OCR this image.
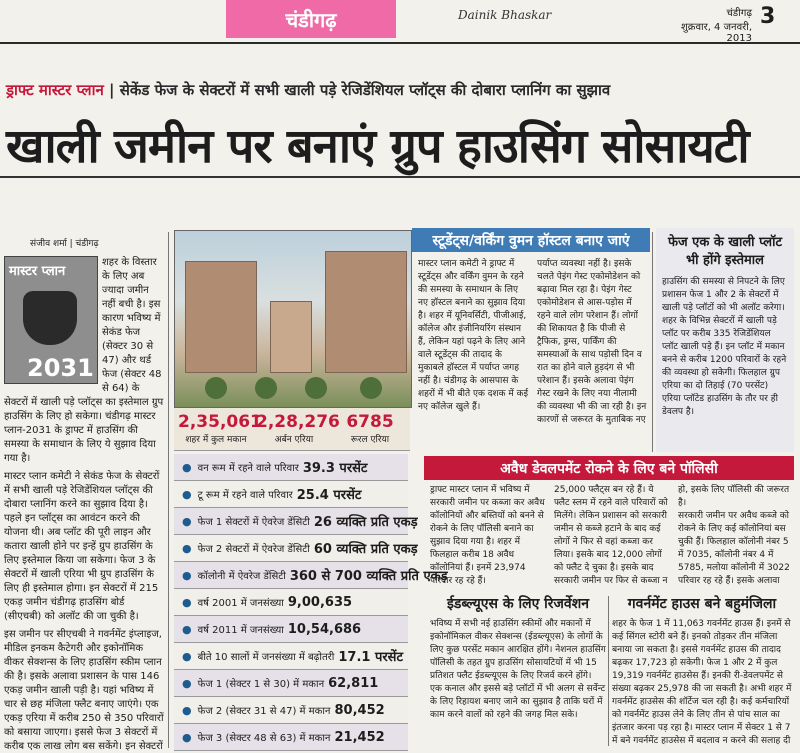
चंडीगढ़	Dainik Bhaskar	चंडीगढ़
शुक्रवार, 4 जनवरी, 2013
3
ड्राफ्ट मास्टर प्लान | सेकेंड फेज के सेक्टरों में सभी खाली पड़े रेजिडेंशियल प्लॉट्स की दोबारा प्लानिंग का सुझाव
खाली जमीन पर बनाएं ग्रुप हाउसिंग सोसायटी
संजीव शर्मा | चंडीगढ़
मास्टर प्लान
2031

शहर के विस्तार के लिए अब ज्यादा जमीन नहीं बची है। इस कारण भविष्य में सेकंड फेज (सेक्टर 30 से 47) और थर्ड फेज (सेक्टर 48 से 64) के सेक्टरों में खाली पड़े प्लॉट्स का इस्तेमाल ग्रुप हाउसिंग के लिए हो सकेगा। चंडीगढ़ मास्टर प्लान-2031 के ड्राफ्ट में हाउसिंग की समस्या के समाधान के लिए ये सुझाव दिया गया है।

मास्टर प्लान कमेटी ने सेकंड फेज के सेक्टरों में सभी खाली पड़े रेजिडेंशियल प्लॉट्स की दोबारा प्लानिंग करने का सुझाव दिया है। पहले इन प्लॉट्स का आवंटन करने की योजना थी। अब प्लॉट की पूरी लाइन और कतारा खाली होने पर इन्हें ग्रुप हाउसिंग के लिए इस्तेमाल किया जा सकेगा। फेज 3 के सेक्टरों में खाली एरिया भी ग्रुप हाउसिंग के लिए ही इस्तेमाल होगा। इन सेक्टरों में 215 एकड़ जमीन चंडीगढ़ हाउसिंग बोर्ड (सीएचबी) को अलॉट की जा चुकी है।

इस जमीन पर सीएचबी ने गवर्नमेंट इंप्लाइज, मीडिल इनकम कैटेगरी और इकोनॉमिक वीकर सेक्शन्स के लिए हाउसिंग स्कीम प्लान की है। इसके अलावा प्रशासन के पास 146 एकड़ जमीन खाली पड़ी है। यहां भविष्य में चार से छह मंजिला फ्लैट बनाए जाएंगे। एक एकड़ एरिया में करीब 250 से 350 परिवारों को बसाया जाएगा। इससे फेज 3 सेक्टरों में करीब एक लाख लोग बस सकेंगे। इन सेक्टरों

2,35,061
शहर में कुल मकान
2,28,276
अर्बन एरिया
6785
रूरल एरिया
● वन रूम में रहने वाले परिवार 39.3 परसेंट
● टू रूम में रहने वाले परिवार 25.4 परसेंट
● फेज 1 सेक्टरों में ऐवरेज डेंसिटी 26 व्यक्ति प्रति एकड़
● फेज 2 सेक्टरों में ऐवरेज डेंसिटी 60 व्यक्ति प्रति एकड़
● कॉलोनी में ऐवरेज डेंसिटी 360 से 700 व्यक्ति प्रति एकड़
● वर्ष 2001 में जनसंख्या 9,00,635
● वर्ष 2011 में जनसंख्या 10,54,686
● बीते 10 सालों में जनसंख्या में बढ़ोतरी 17.1 परसेंट
● फेज 1 (सेक्टर 1 से 30) में मकान 62,811
● फेज 2 (सेक्टर 31 से 47) में मकान 80,452
● फेज 3 (सेक्टर 48 से 63) में मकान 21,452
स्टूडेंट्स/वर्किंग वुमन हॉस्टल बनाए जाएं

मास्टर प्लान कमेटी ने ड्राफ्ट में स्टूडेंट्स और वर्किंग वुमन के रहने की समस्या के समाधान के लिए नए हॉस्टल बनाने का सुझाव दिया है। शहर में यूनिवर्सिटी, पीजीआई, कॉलेज और इंजीनियरिंग संस्थान हैं, लेकिन यहां पढ़ने के लिए आने वाले स्टूडेंट्स की तादाद के मुकाबले हॉस्टल में पर्याप्त जगह नहीं है। चंडीगढ़ के आसपास के शहरों में भी बीते एक दशक में कई नए कॉलेज खुले हैं।

पर्याप्त व्यवस्था नहीं है। इसके चलते पेइंग गेस्ट एकोमोडेशन को बढ़ावा मिल रहा है। पेइंग गेस्ट एकोमोडेशन से आस-पड़ोस में रहने वाले लोग परेशान हैं। लोगों की शिकायत है कि पीजी से ट्रैफिक, ड्रग्स, पार्किंग की समस्याओं के साथ पड़ोसी दिन व रात का होने वाले हुड़दंग से भी परेशान हैं। इसके अलावा पेइंग गेस्ट रखने के लिए नया नीलामी की व्यवस्था भी की जा रही है। इन कारणों से जरूरत के मुताबिक नए

फेज एक के खाली प्लॉट भी होंगे इस्तेमाल
हाउसिंग की समस्या से निपटने के लिए प्रशासन फेज 1 और 2 के सेक्टरों में खाली पड़े प्लॉटों को भी अलॉट करेगा। शहर के विभिन्न सेक्टरों में खाली पड़े प्लॉट पर करीब 335 रेजिडेंशियल प्लॉट खाली पड़े हैं। इन प्लॉट में मकान बनने से करीब 1200 परिवारों के रहने की व्यवस्था हो सकेगी। फिलहाल ग्रुप एरिया का दो तिहाई (70 परसेंट) एरिया प्लॉटेड हाउसिंग के तौर पर ही डेवलप है।
अवैध डेवलपमेंट रोकने के लिए बने पॉलिसी

ड्राफ्ट मास्टर प्लान में भविष्य में सरकारी जमीन पर कब्जा कर अवैध कॉलोनियों और बस्तियों को बनने से रोकने के लिए पॉलिसी बनाने का सुझाव दिया गया है। शहर में फिलहाल करीब 18 अवैध कॉलोनियां हैं। इनमें 23,974 परिवार रह रहे हैं।

25,000 फ्लैट्स बन रहे हैं। ये फ्लैट स्लम में रहने वाले परिवारों को मिलेंगे। लेकिन प्रशासन को सरकारी जमीन से कब्जे हटाने के बाद कई लोगों ने फिर से वहां कब्जा कर लिया। इसके बाद 12,000 लोगों को फ्लैट दे चुका है। इसके बाद सरकारी जमीन पर फिर से कब्जा न हो, इसके लिए पॉलिसी की जरूरत है।

सरकारी जमीन पर अवैध कब्जे को रोकने के लिए कई कॉलोनियां बस चुकी हैं। फिलहाल कॉलोनी नंबर 5 में 7035, कॉलोनी नंबर 4 में 5785, मलोया कॉलोनी में 3022 परिवार रह रहे हैं। इसके अलावा

ईडब्ल्यूएस के लिए रिजर्वेशन
भविष्य में सभी नई हाउसिंग स्कीमों और मकानों में इकोनॉमिकल वीकर सेक्शन्स (ईडब्ल्यूएस) के लोगों के लिए कुछ परसेंट मकान आरक्षित होंगे। नेशनल हाउसिंग पॉलिसी के तहत ग्रुप हाउसिंग सोसायटियों में भी 15 प्रतिशत फ्लैट ईडब्ल्यूएस के लिए रिजर्व करने होंगे। एक कनाल और इससे बड़े प्लॉटों में भी अलग से सर्वेन्ट के लिए रिहायश बनाए जाने का सुझाव है ताकि घरों में काम करने वालों को रहने की जगह मिल सके।
गवर्नमेंट हाउस बने बहुमंजिला
शहर के फेज 1 में 11,063 गवर्नमेंट हाउस हैं। इनमें से कई सिंगल स्टोरी बने हैं। इनको तोड़कर तीन मंजिला बनाया जा सकता है। इससे गवर्नमेंट हाउस की तादाद बढ़कर 17,723 हो सकेगी। फेज 1 और 2 में कुल 19,319 गवर्नमेंट हाउसेस हैं। इनकी री-डेवलपमेंट से संख्या बढ़कर 25,978 की जा सकती है। अभी शहर में गवर्नमेंट हाउसेस की शॉर्टेज चल रही है। कई कर्मचारियों को गवर्नमेंट हाउस लेने के लिए तीन से पांच साल का इंतजार करना पड़ रहा है। मास्टर प्लान में सेक्टर 1 से 7 में बने गवर्नमेंट हाउसेस में बदलाव न करने की सलाह दी
